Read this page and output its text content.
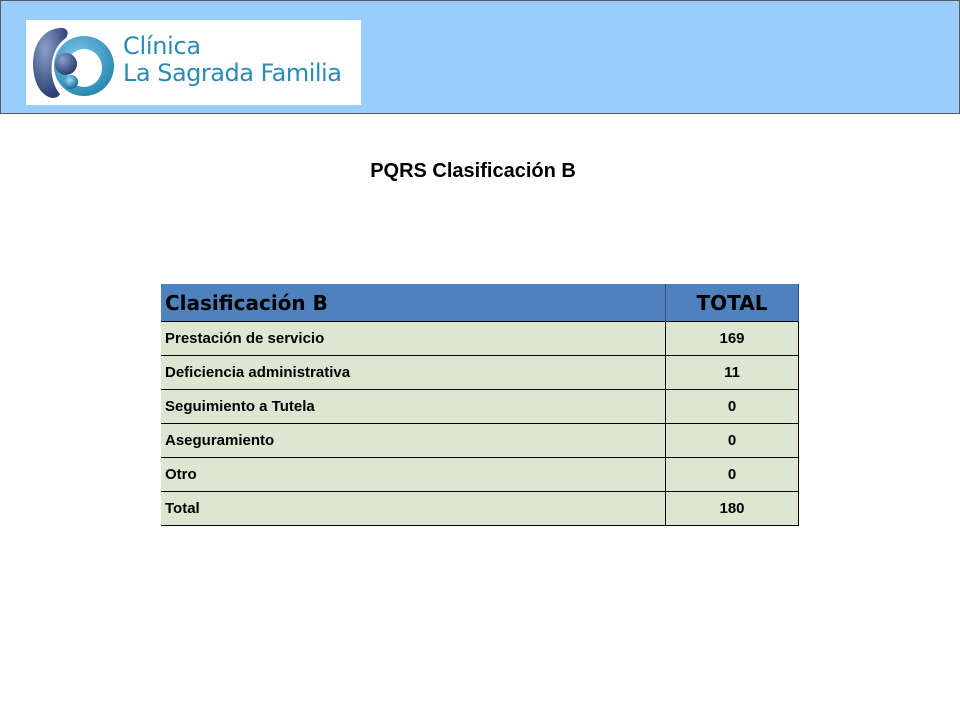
Clínica
La Sagrada Familia
PQRS Clasificación B
Clasificación B	TOTAL
Prestación de servicio	169
Deficiencia administrativa	11
Seguimiento a Tutela	0
Aseguramiento	0
Otro	0
Total	180
